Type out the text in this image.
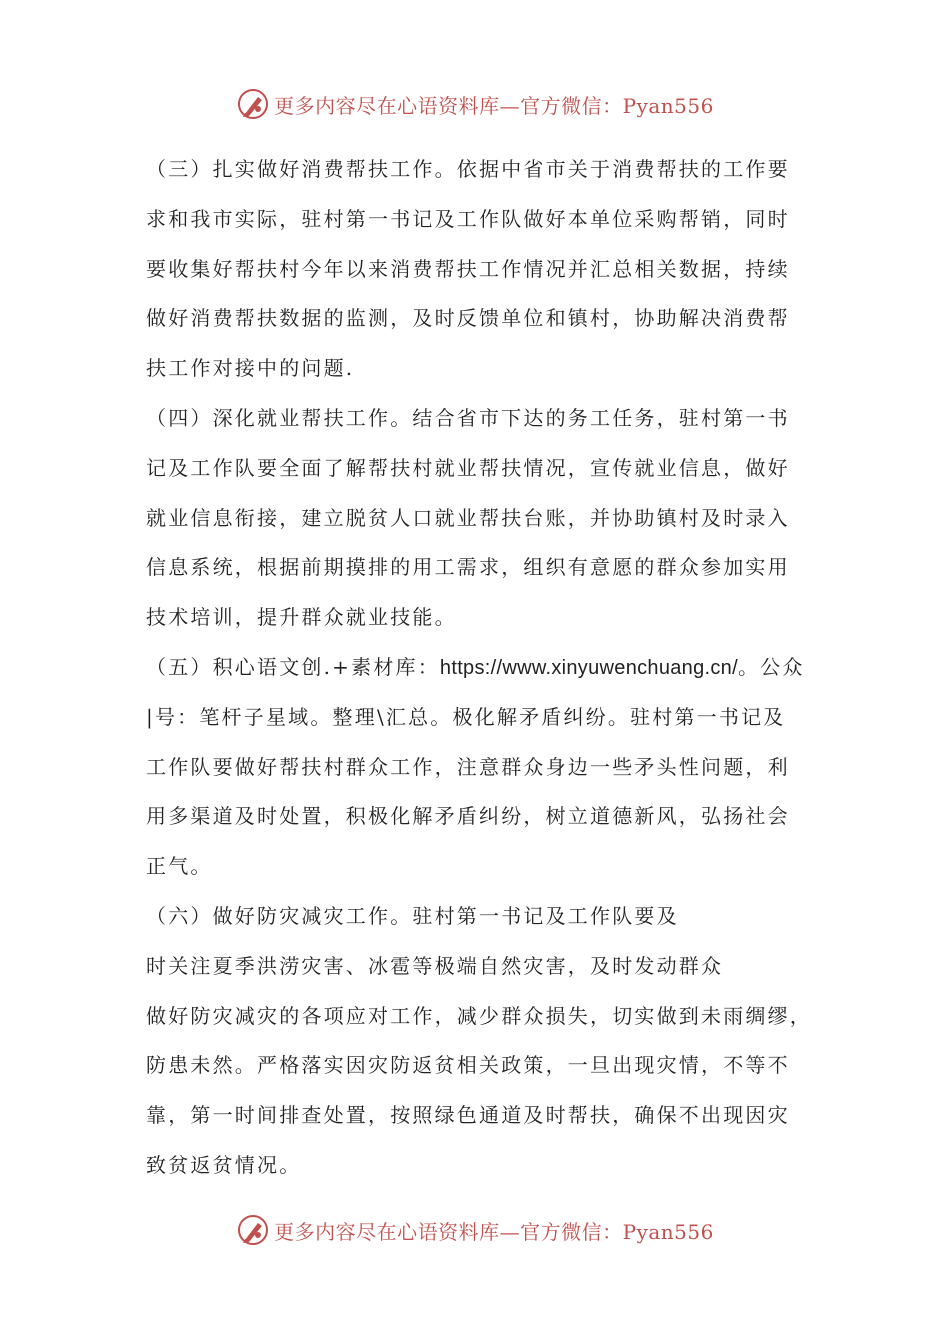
更多内容尽在心语资料库—官方微信：Pyan556
（三）扎实做好消费帮扶工作。依据中省市关于消费帮扶的工作要
求和我市实际，驻村第一书记及工作队做好本单位采购帮销，同时
要收集好帮扶村今年以来消费帮扶工作情况并汇总相关数据，持续
做好消费帮扶数据的监测，及时反馈单位和镇村，协助解决消费帮
扶工作对接中的问题.
（四）深化就业帮扶工作。结合省市下达的务工任务，驻村第一书
记及工作队要全面了解帮扶村就业帮扶情况，宣传就业信息，做好
就业信息衔接，建立脱贫人口就业帮扶台账，并协助镇村及时录入
信息系统，根据前期摸排的用工需求，组织有意愿的群众参加实用
技术培训，提升群众就业技能。
（五）积心语文创.+素材库：https://www.xinyuwenchuang.cn/。公众
|号：笔杆子星域。整理\汇总。极化解矛盾纠纷。驻村第一书记及
工作队要做好帮扶村群众工作，注意群众身边一些矛头性问题，利
用多渠道及时处置，积极化解矛盾纠纷，树立道德新风，弘扬社会
正气。
（六）做好防灾减灾工作。驻村第一书记及工作队要及
时关注夏季洪涝灾害、冰雹等极端自然灾害，及时发动群众
做好防灾减灾的各项应对工作，减少群众损失，切实做到未雨绸缪，
防患未然。严格落实因灾防返贫相关政策，一旦出现灾情，不等不
靠，第一时间排查处置，按照绿色通道及时帮扶，确保不出现因灾
致贫返贫情况。
更多内容尽在心语资料库—官方微信：Pyan556
